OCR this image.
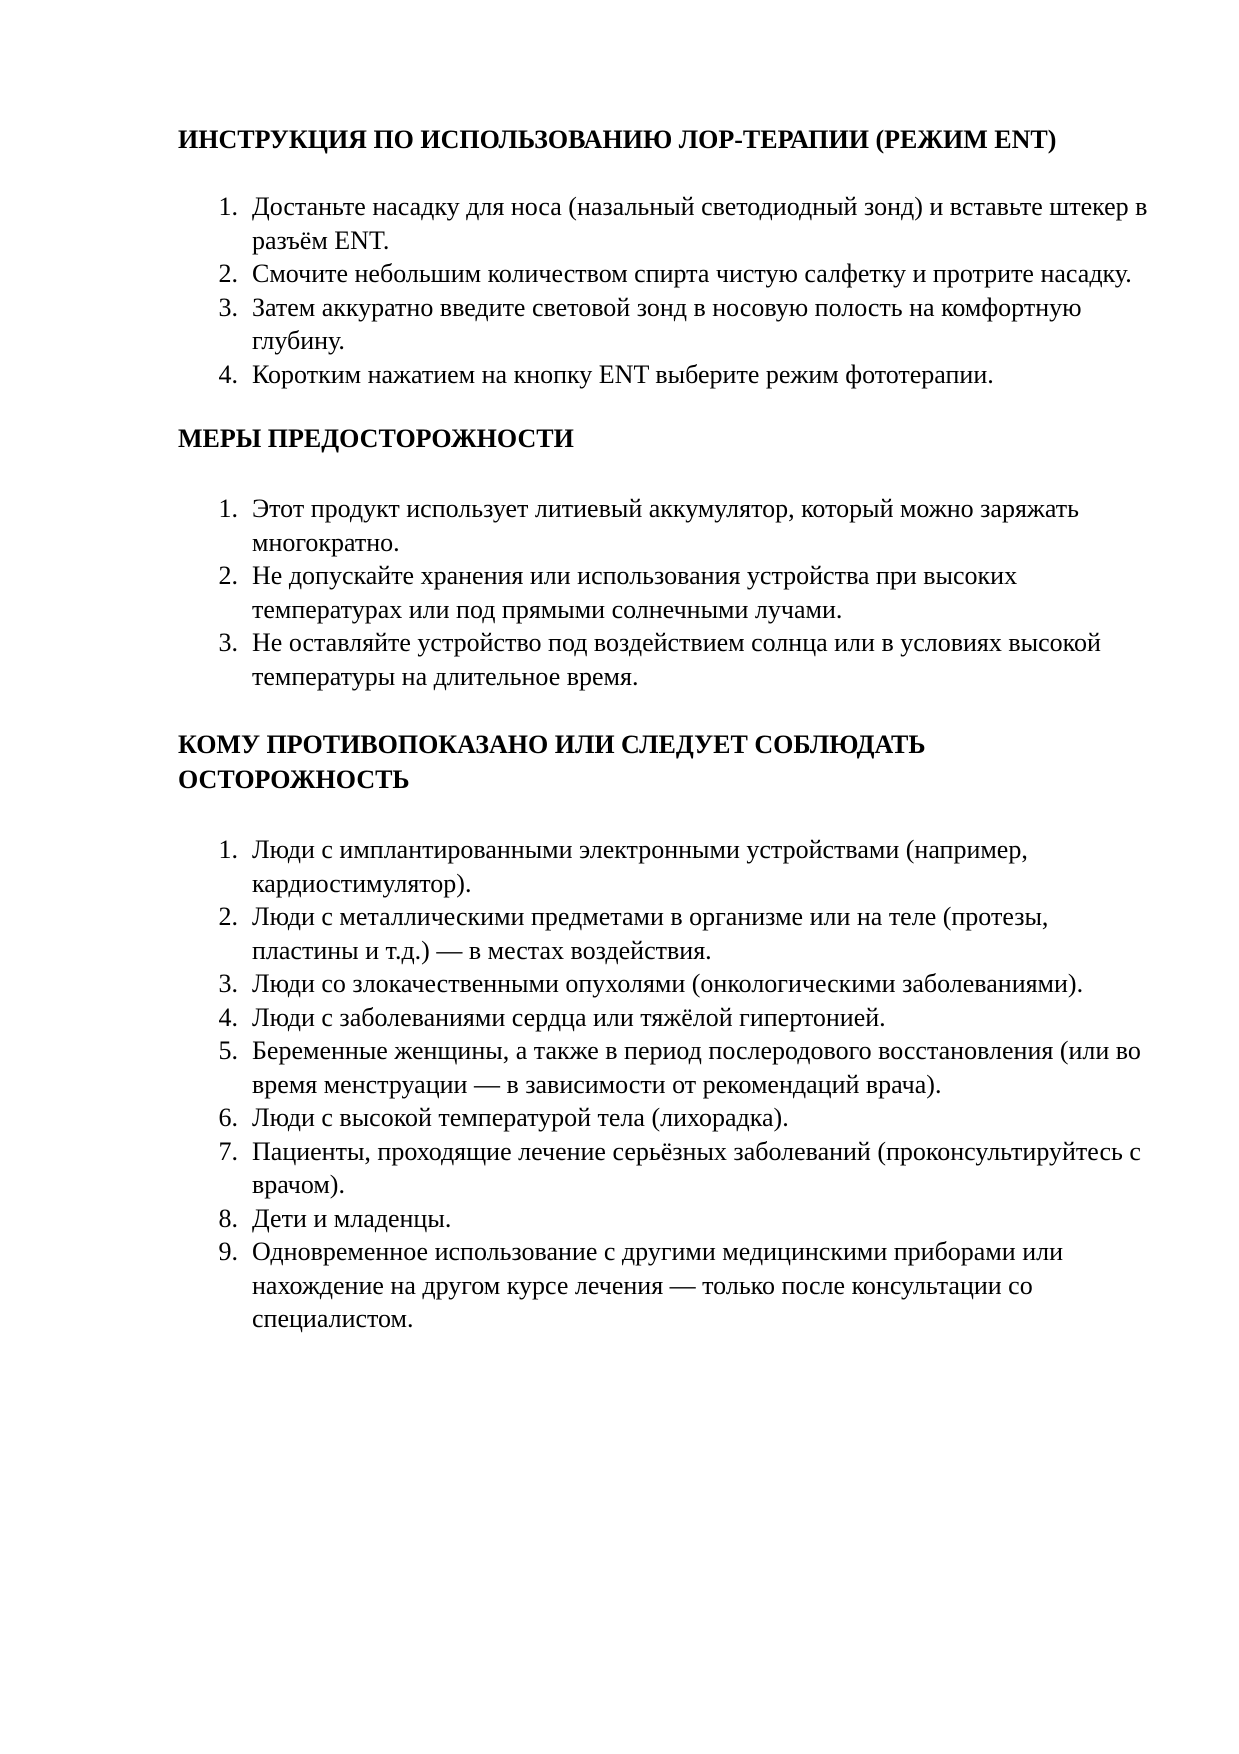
ИНСТРУКЦИЯ ПО ИСПОЛЬЗОВАНИЮ ЛОР-ТЕРАПИИ (РЕЖИМ ENT)
1. Достаньте насадку для носа (назальный светодиодный зонд) и вставьте штекер в разъём ENT.
2. Смочите небольшим количеством спирта чистую салфетку и протрите насадку.
3. Затем аккуратно введите световой зонд в носовую полость на комфортную глубину.
4. Коротким нажатием на кнопку ENT выберите режим фототерапии.
МЕРЫ ПРЕДОСТОРОЖНОСТИ
1. Этот продукт использует литиевый аккумулятор, который можно заряжать многократно.
2. Не допускайте хранения или использования устройства при высоких температурах или под прямыми солнечными лучами.
3. Не оставляйте устройство под воздействием солнца или в условиях высокой температуры на длительное время.
КОМУ ПРОТИВОПОКАЗАНО ИЛИ СЛЕДУЕТ СОБЛЮДАТЬ ОСТОРОЖНОСТЬ
1. Люди с имплантированными электронными устройствами (например, кардиостимулятор).
2. Люди с металлическими предметами в организме или на теле (протезы, пластины и т.д.) — в местах воздействия.
3. Люди со злокачественными опухолями (онкологическими заболеваниями).
4. Люди с заболеваниями сердца или тяжёлой гипертонией.
5. Беременные женщины, а также в период послеродового восстановления (или во время менструации — в зависимости от рекомендаций врача).
6. Люди с высокой температурой тела (лихорадка).
7. Пациенты, проходящие лечение серьёзных заболеваний (проконсультируйтесь с врачом).
8. Дети и младенцы.
9. Одновременное использование с другими медицинскими приборами или нахождение на другом курсе лечения — только после консультации со специалистом.
